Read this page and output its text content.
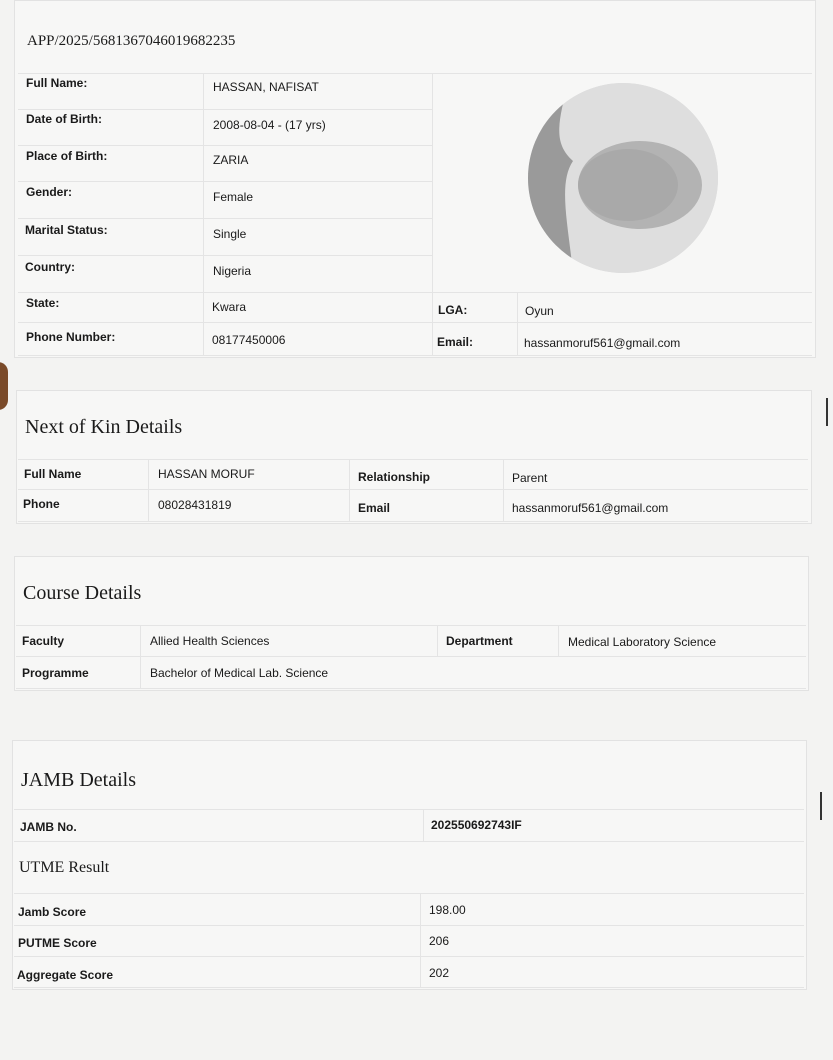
APP/2025/5681367046019682235
Full Name:	HASSAN, NAFISAT
Date of Birth:	2008-08-04 - (17 yrs)
Place of Birth:	ZARIA
Gender:	Female
Marital Status:	Single
Country:	Nigeria
State:	Kwara
Phone Number:	08177450006
LGA:	Oyun
Email:	hassanmoruf561@gmail.com
Next of Kin Details
Full Name	HASSAN MORUF	Relationship	Parent
Phone	08028431819	Email	hassanmoruf561@gmail.com
Course Details
Faculty	Allied Health Sciences	Department	Medical Laboratory Science
Programme	Bachelor of Medical Lab. Science
JAMB Details
JAMB No.	202550692743IF
UTME Result
Jamb Score	198.00
PUTME Score	206
Aggregate Score	202
